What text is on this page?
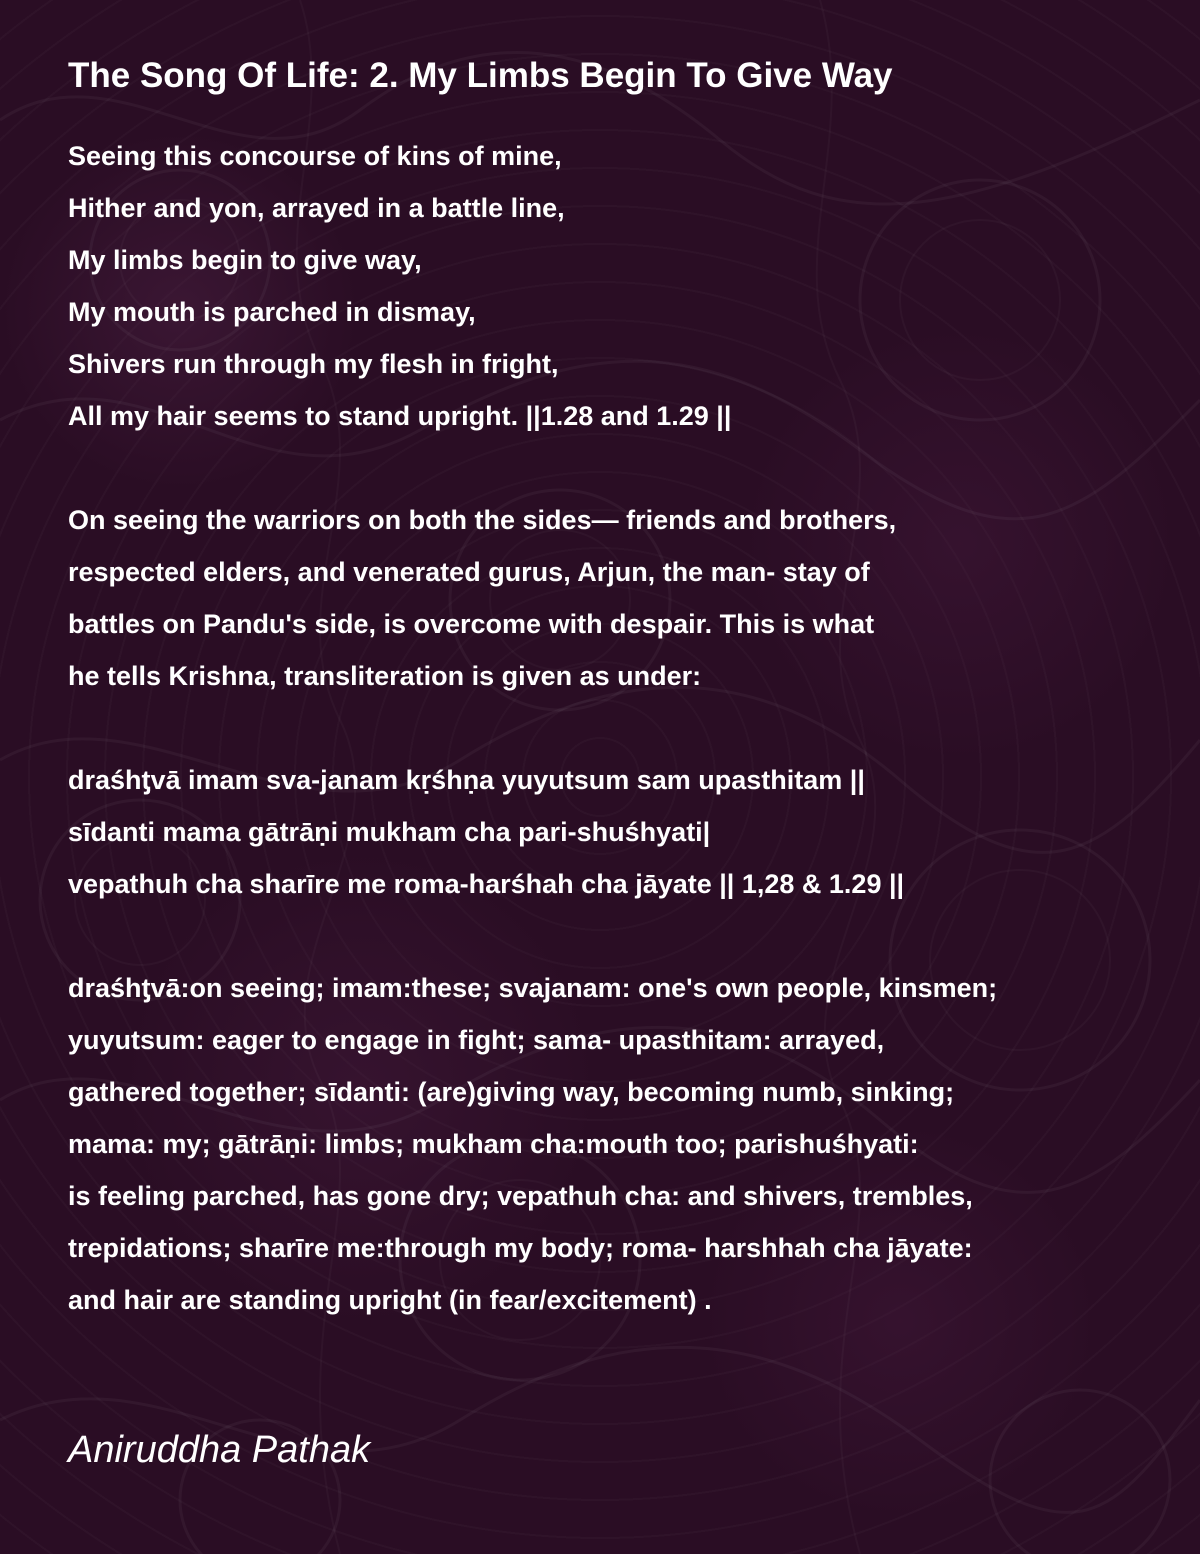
The Song Of Life: 2. My Limbs Begin To Give Way
Seeing this concourse of kins of mine,
Hither and yon, arrayed in a battle line,
My limbs begin to give way,
My mouth is parched in dismay,
Shivers run through my flesh in fright,
All my hair seems to stand upright. ||1.28 and 1.29 ||
On seeing the warriors on both the sides— friends and brothers,
respected elders, and venerated gurus, Arjun, the man- stay of
battles on Pandu's side, is overcome with despair. This is what
he tells Krishna, transliteration is given as under:
draśhƫvā imam sva-janam kṛśhṇa yuyutsum sam upasthitam ||
sīdanti mama gātrāṇi mukham cha pari-shuśhyati|
vepathuh cha sharīre me roma-harśhah cha jāyate || 1,28 & 1.29 ||
draśhƫvā:on seeing; imam:these; svajanam: one's own people, kinsmen;
yuyutsum: eager to engage in fight; sama- upasthitam: arrayed,
gathered together; sīdanti: (are)giving way, becoming numb, sinking;
mama: my; gātrāṇi: limbs; mukham cha:mouth too; parishuśhyati:
is feeling parched, has gone dry; vepathuh cha: and shivers, trembles,
trepidations; sharīre me:through my body; roma- harshhah cha jāyate:
and hair are standing upright (in fear/excitement) .
Aniruddha Pathak
